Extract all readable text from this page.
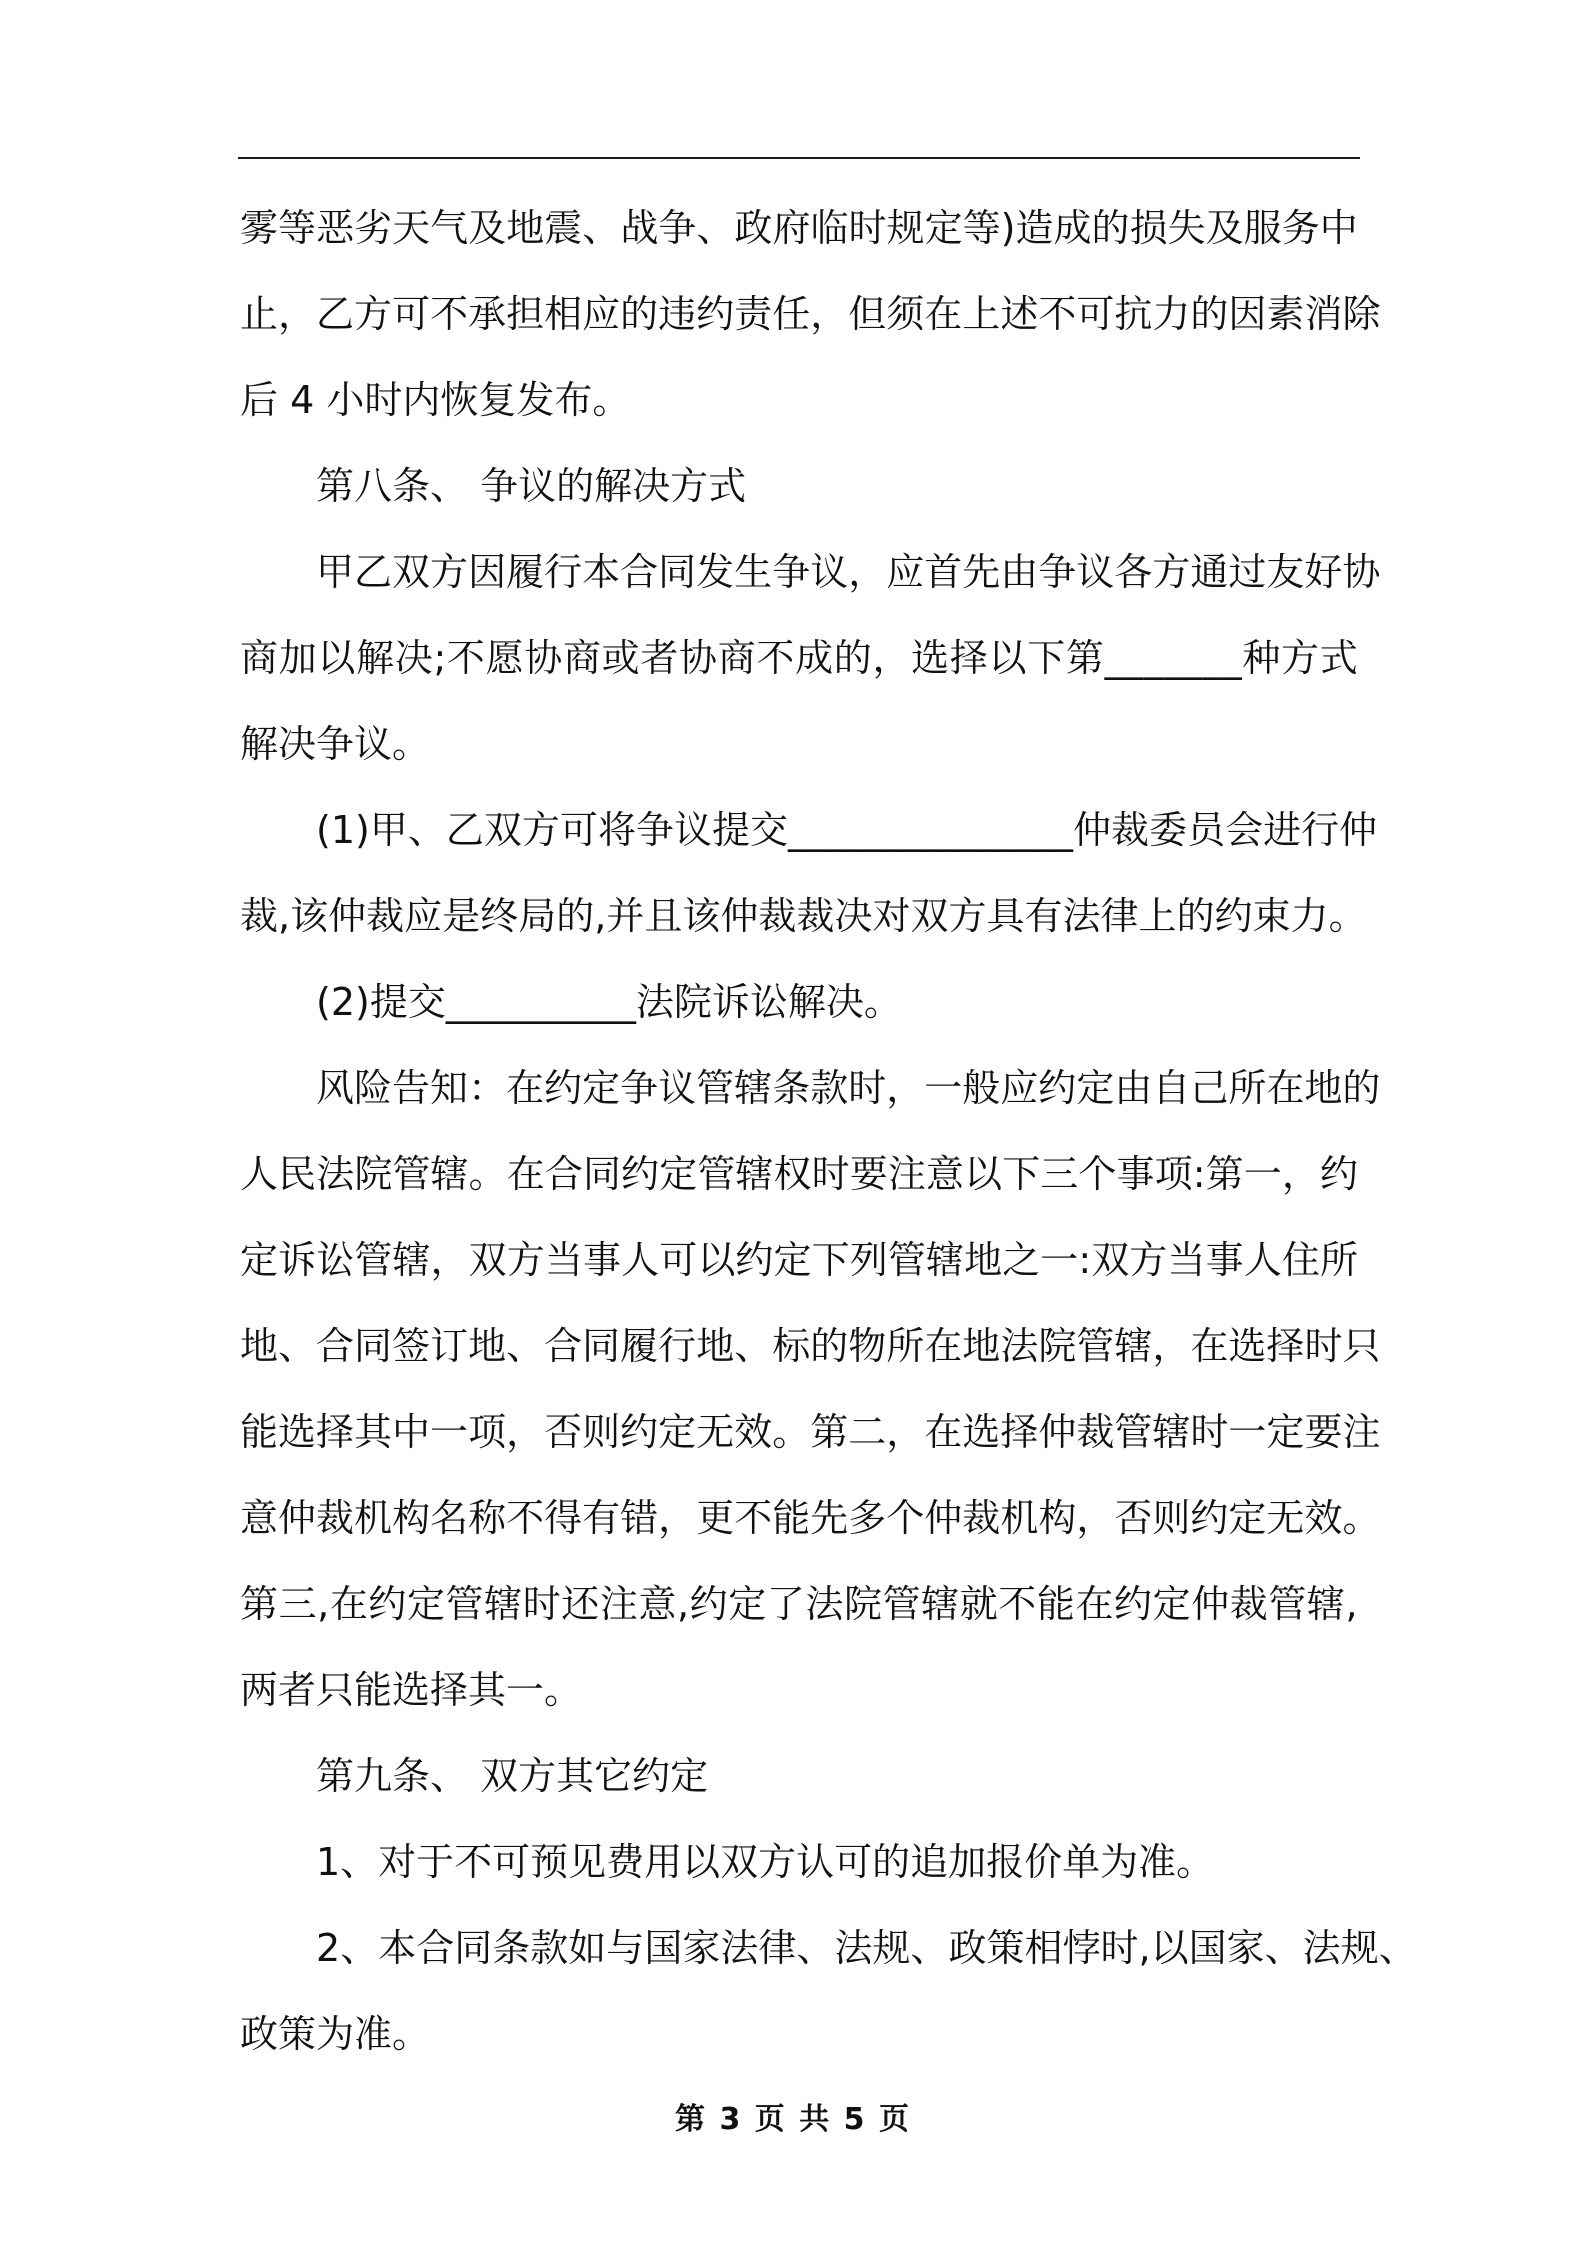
雾 等 恶 劣 天 气 及 地 震 、 战 争 、 政 府 临 时 规 定 等 ) 造 成 的 损 失 及 服 务 中
止 ， 乙 方 可 不 承 担 相 应 的 违 约 责 任 ， 但 须 在 上 述 不 可 抗 力 的 因 素 消 除
后 4 小时内恢复发布。
第八条、 争议的解决方式
甲 乙 双 方 因 履 行 本 合 同 发 生 争 议 ， 应 首 先 由 争 议 各 方 通 过 友 好 协
商 加 以 解 决 ; 不 愿 协 商 或 者 协 商 不 成 的 ， 选 择 以 下 第 _ _ _ _ _ _ _ 种 方 式
解决争议。
( 1 ) 甲 、 乙 双 方 可 将 争 议 提 交 _ _ _ _ _ _ _ _ _ _ _ _ _ _ _ 仲 裁 委 员 会 进 行 仲
裁 , 该 仲 裁 应 是 终 局 的 , 并 且 该 仲 裁 裁 决 对 双 方 具 有 法 律 上 的 约 束 力 。
(2)提交__________法院诉讼解决。
风 险 告 知 ： 在 约 定 争 议 管 辖 条 款 时 ， 一 般 应 约 定 由 自 己 所 在 地 的
人 民 法 院 管 辖 。 在 合 同 约 定 管 辖 权 时 要 注 意 以 下 三 个 事 项 : 第 一 ， 约
定 诉 讼 管 辖 ， 双 方 当 事 人 可 以 约 定 下 列 管 辖 地 之 一 : 双 方 当 事 人 住 所
地 、 合 同 签 订 地 、 合 同 履 行 地 、 标 的 物 所 在 地 法 院 管 辖 ， 在 选 择 时 只
能 选 择 其 中 一 项 ， 否 则 约 定 无 效 。 第 二 ， 在 选 择 仲 裁 管 辖 时 一 定 要 注
意 仲 裁 机 构 名 称 不 得 有 错 ， 更 不 能 先 多 个 仲 裁 机 构 ， 否 则 约 定 无 效 。
第 三 , 在 约 定 管 辖 时 还 注 意 , 约 定 了 法 院 管 辖 就 不 能 在 约 定 仲 裁 管 辖 ,
两者只能选择其一。
第九条、 双方其它约定
1、对于不可预见费用以双方认可的追加报价单为准。
2 、 本 合 同 条 款 如 与 国 家 法 律 、 法 规 、 政 策 相 悖 时 , 以 国 家 、 法 规 、
政策为准。
第 3 页 共 5 页
